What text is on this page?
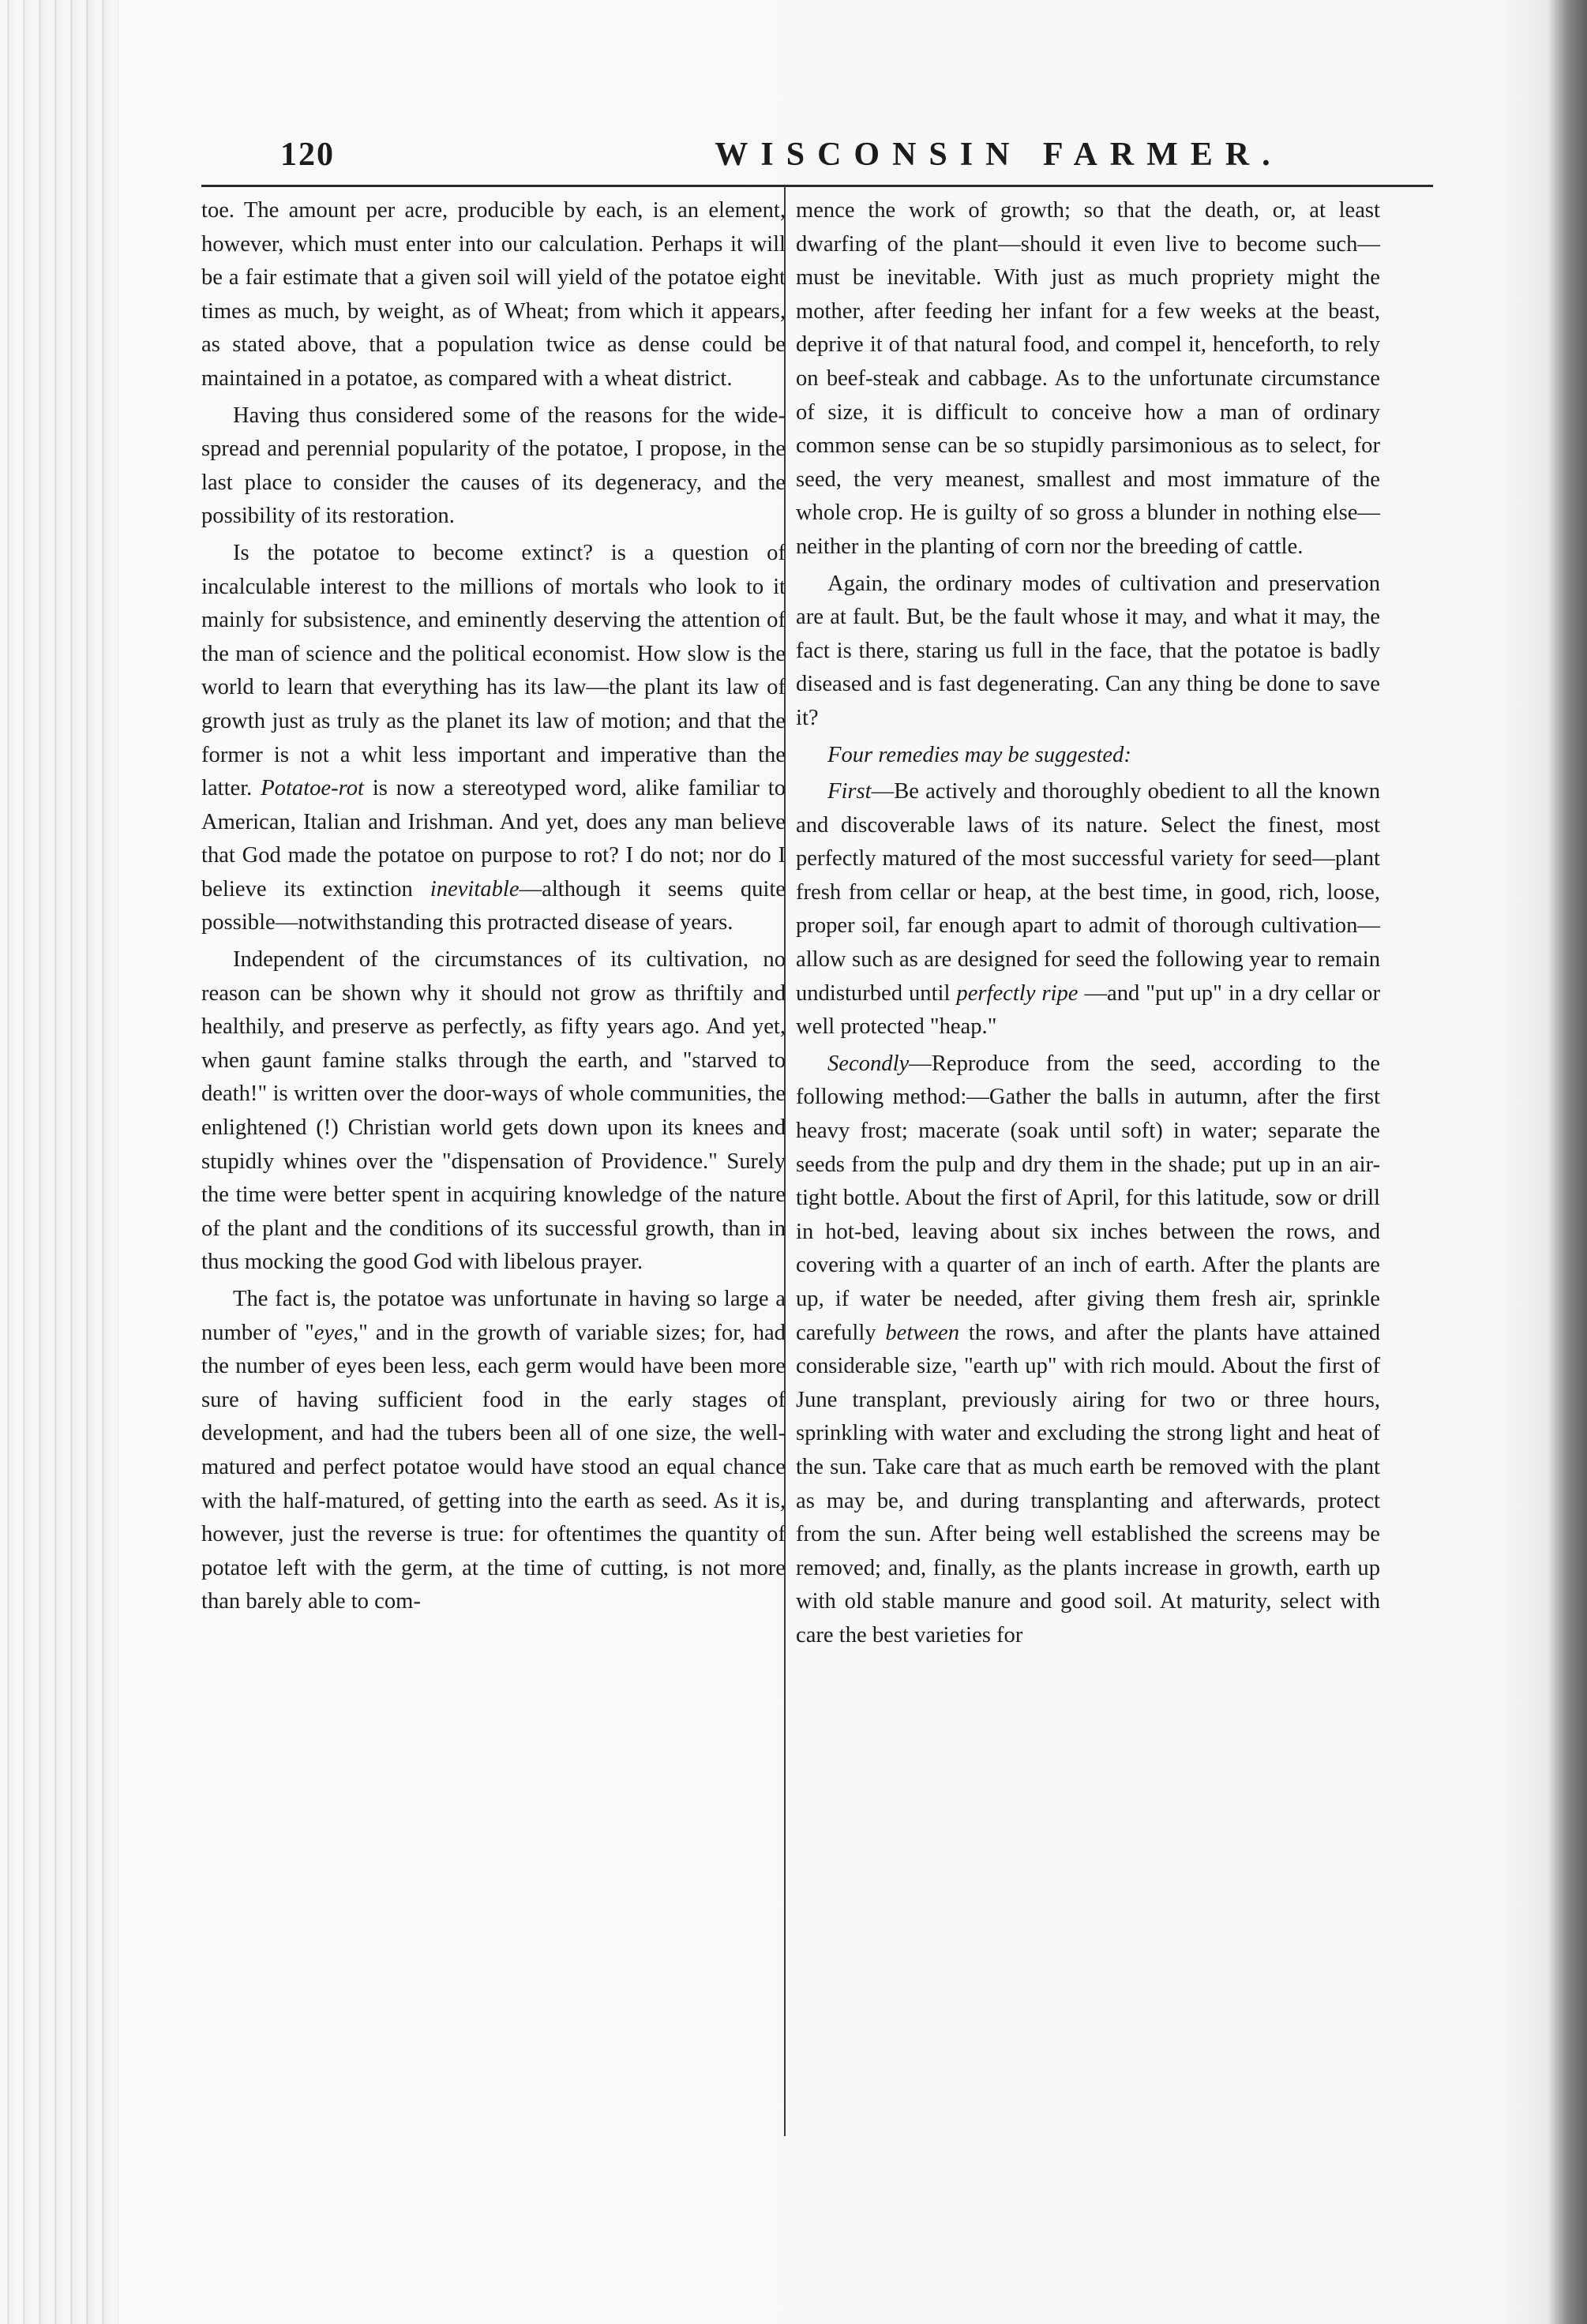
120	WISCONSIN FARMER.

toe. The amount per acre, producible by each, is an element, however, which must enter into our calculation. Perhaps it will be a fair estimate that a given soil will yield of the potatoe eight times as much, by weight, as of Wheat; from which it appears, as stated above, that a population twice as dense could be maintained in a potatoe, as compared with a wheat district.

Having thus considered some of the reasons for the wide-spread and perennial popularity of the potatoe, I propose, in the last place to consider the causes of its degeneracy, and the possibility of its restoration.

Is the potatoe to become extinct? is a question of incalculable interest to the millions of mortals who look to it mainly for subsistence, and eminently deserving the attention of the man of science and the political economist. How slow is the world to learn that everything has its law—the plant its law of growth just as truly as the planet its law of motion; and that the former is not a whit less important and imperative than the latter. Potatoe-rot is now a stereotyped word, alike familiar to American, Italian and Irishman. And yet, does any man believe that God made the potatoe on purpose to rot? I do not; nor do I believe its extinction inevitable—although it seems quite possible—notwithstanding this protracted disease of years.

Independent of the circumstances of its cultivation, no reason can be shown why it should not grow as thriftily and healthily, and preserve as perfectly, as fifty years ago. And yet, when gaunt famine stalks through the earth, and "starved to death!" is written over the door-ways of whole communities, the enlightened (!) Christian world gets down upon its knees and stupidly whines over the "dispensation of Providence." Surely the time were better spent in acquiring knowledge of the nature of the plant and the conditions of its successful growth, than in thus mocking the good God with libelous prayer.

The fact is, the potatoe was unfortunate in having so large a number of "eyes," and in the growth of variable sizes; for, had the number of eyes been less, each germ would have been more sure of having sufficient food in the early stages of development, and had the tubers been all of one size, the well-matured and perfect potatoe would have stood an equal chance with the half-matured, of getting into the earth as seed. As it is, however, just the reverse is true: for oftentimes the quantity of potatoe left with the germ, at the time of cutting, is not more than barely able to com-

mence the work of growth; so that the death, or, at least dwarfing of the plant—should it even live to become such—must be inevitable. With just as much propriety might the mother, after feeding her infant for a few weeks at the beast, deprive it of that natural food, and compel it, henceforth, to rely on beef-steak and cabbage. As to the unfortunate circumstance of size, it is difficult to conceive how a man of ordinary common sense can be so stupidly parsimonious as to select, for seed, the very meanest, smallest and most immature of the whole crop. He is guilty of so gross a blunder in nothing else—neither in the planting of corn nor the breeding of cattle.

Again, the ordinary modes of cultivation and preservation are at fault. But, be the fault whose it may, and what it may, the fact is there, staring us full in the face, that the potatoe is badly diseased and is fast degenerating. Can any thing be done to save it?

Four remedies may be suggested:

First—Be actively and thoroughly obedient to all the known and discoverable laws of its nature. Select the finest, most perfectly matured of the most successful variety for seed—plant fresh from cellar or heap, at the best time, in good, rich, loose, proper soil, far enough apart to admit of thorough cultivation—allow such as are designed for seed the following year to remain undisturbed until perfectly ripe —and "put up" in a dry cellar or well protected "heap."

Secondly—Reproduce from the seed, according to the following method:—Gather the balls in autumn, after the first heavy frost; macerate (soak until soft) in water; separate the seeds from the pulp and dry them in the shade; put up in an air-tight bottle. About the first of April, for this latitude, sow or drill in hot-bed, leaving about six inches between the rows, and covering with a quarter of an inch of earth. After the plants are up, if water be needed, after giving them fresh air, sprinkle carefully between the rows, and after the plants have attained considerable size, "earth up" with rich mould. About the first of June transplant, previously airing for two or three hours, sprinkling with water and excluding the strong light and heat of the sun. Take care that as much earth be removed with the plant as may be, and during transplanting and afterwards, protect from the sun. After being well established the screens may be removed; and, finally, as the plants increase in growth, earth up with old stable manure and good soil. At maturity, select with care the best varieties for
